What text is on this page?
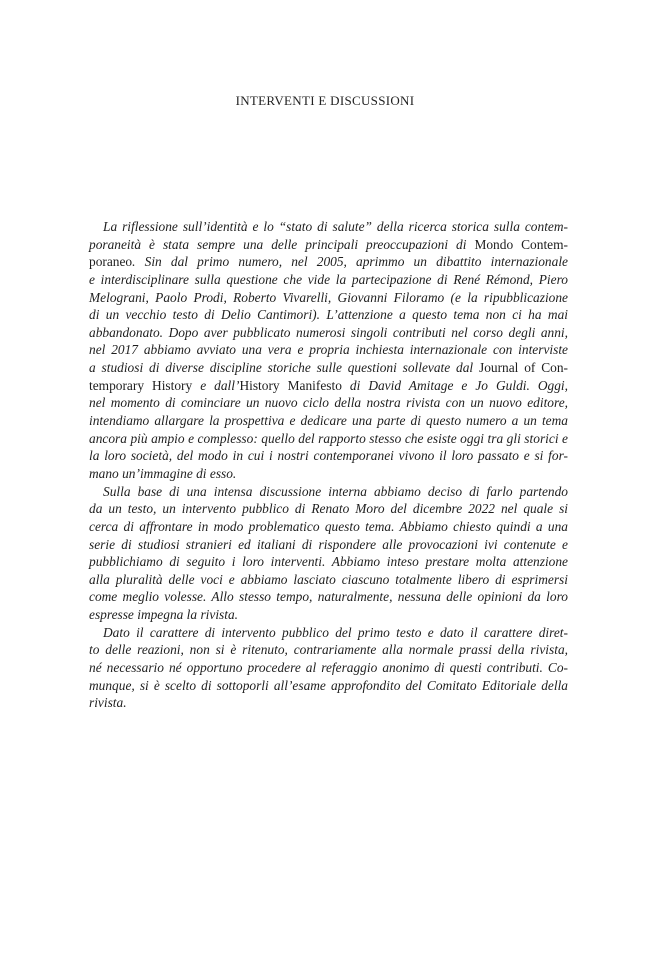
INTERVENTI E DISCUSSIONI
La riflessione sull’identità e lo “stato di salute” della ricerca storica sulla contem-
poraneità è stata sempre una delle principali preoccupazioni di Mondo Contem-
poraneo. Sin dal primo numero, nel 2005, aprimmo un dibattito internazionale
e interdisciplinare sulla questione che vide la partecipazione di René Rémond, Piero
Melograni, Paolo Prodi, Roberto Vivarelli, Giovanni Filoramo (e la ripubblicazione
di un vecchio testo di Delio Cantimori). L’attenzione a questo tema non ci ha mai
abbandonato. Dopo aver pubblicato numerosi singoli contributi nel corso degli anni,
nel 2017 abbiamo avviato una vera e propria inchiesta internazionale con interviste
a studiosi di diverse discipline storiche sulle questioni sollevate dal Journal of Con-
temporary History e dall’History Manifesto di David Amitage e Jo Guldi. Oggi,
nel momento di cominciare un nuovo ciclo della nostra rivista con un nuovo editore,
intendiamo allargare la prospettiva e dedicare una parte di questo numero a un tema
ancora più ampio e complesso: quello del rapporto stesso che esiste oggi tra gli storici e
la loro società, del modo in cui i nostri contemporanei vivono il loro passato e si for-
mano un’immagine di esso.
Sulla base di una intensa discussione interna abbiamo deciso di farlo partendo
da un testo, un intervento pubblico di Renato Moro del dicembre 2022 nel quale si
cerca di affrontare in modo problematico questo tema. Abbiamo chiesto quindi a una
serie di studiosi stranieri ed italiani di rispondere alle provocazioni ivi contenute e
pubblichiamo di seguito i loro interventi. Abbiamo inteso prestare molta attenzione
alla pluralità delle voci e abbiamo lasciato ciascuno totalmente libero di esprimersi
come meglio volesse. Allo stesso tempo, naturalmente, nessuna delle opinioni da loro
espresse impegna la rivista.
Dato il carattere di intervento pubblico del primo testo e dato il carattere diret-
to delle reazioni, non si è ritenuto, contrariamente alla normale prassi della rivista,
né necessario né opportuno procedere al referaggio anonimo di questi contributi. Co-
munque, si è scelto di sottoporli all’esame approfondito del Comitato Editoriale della
rivista.
